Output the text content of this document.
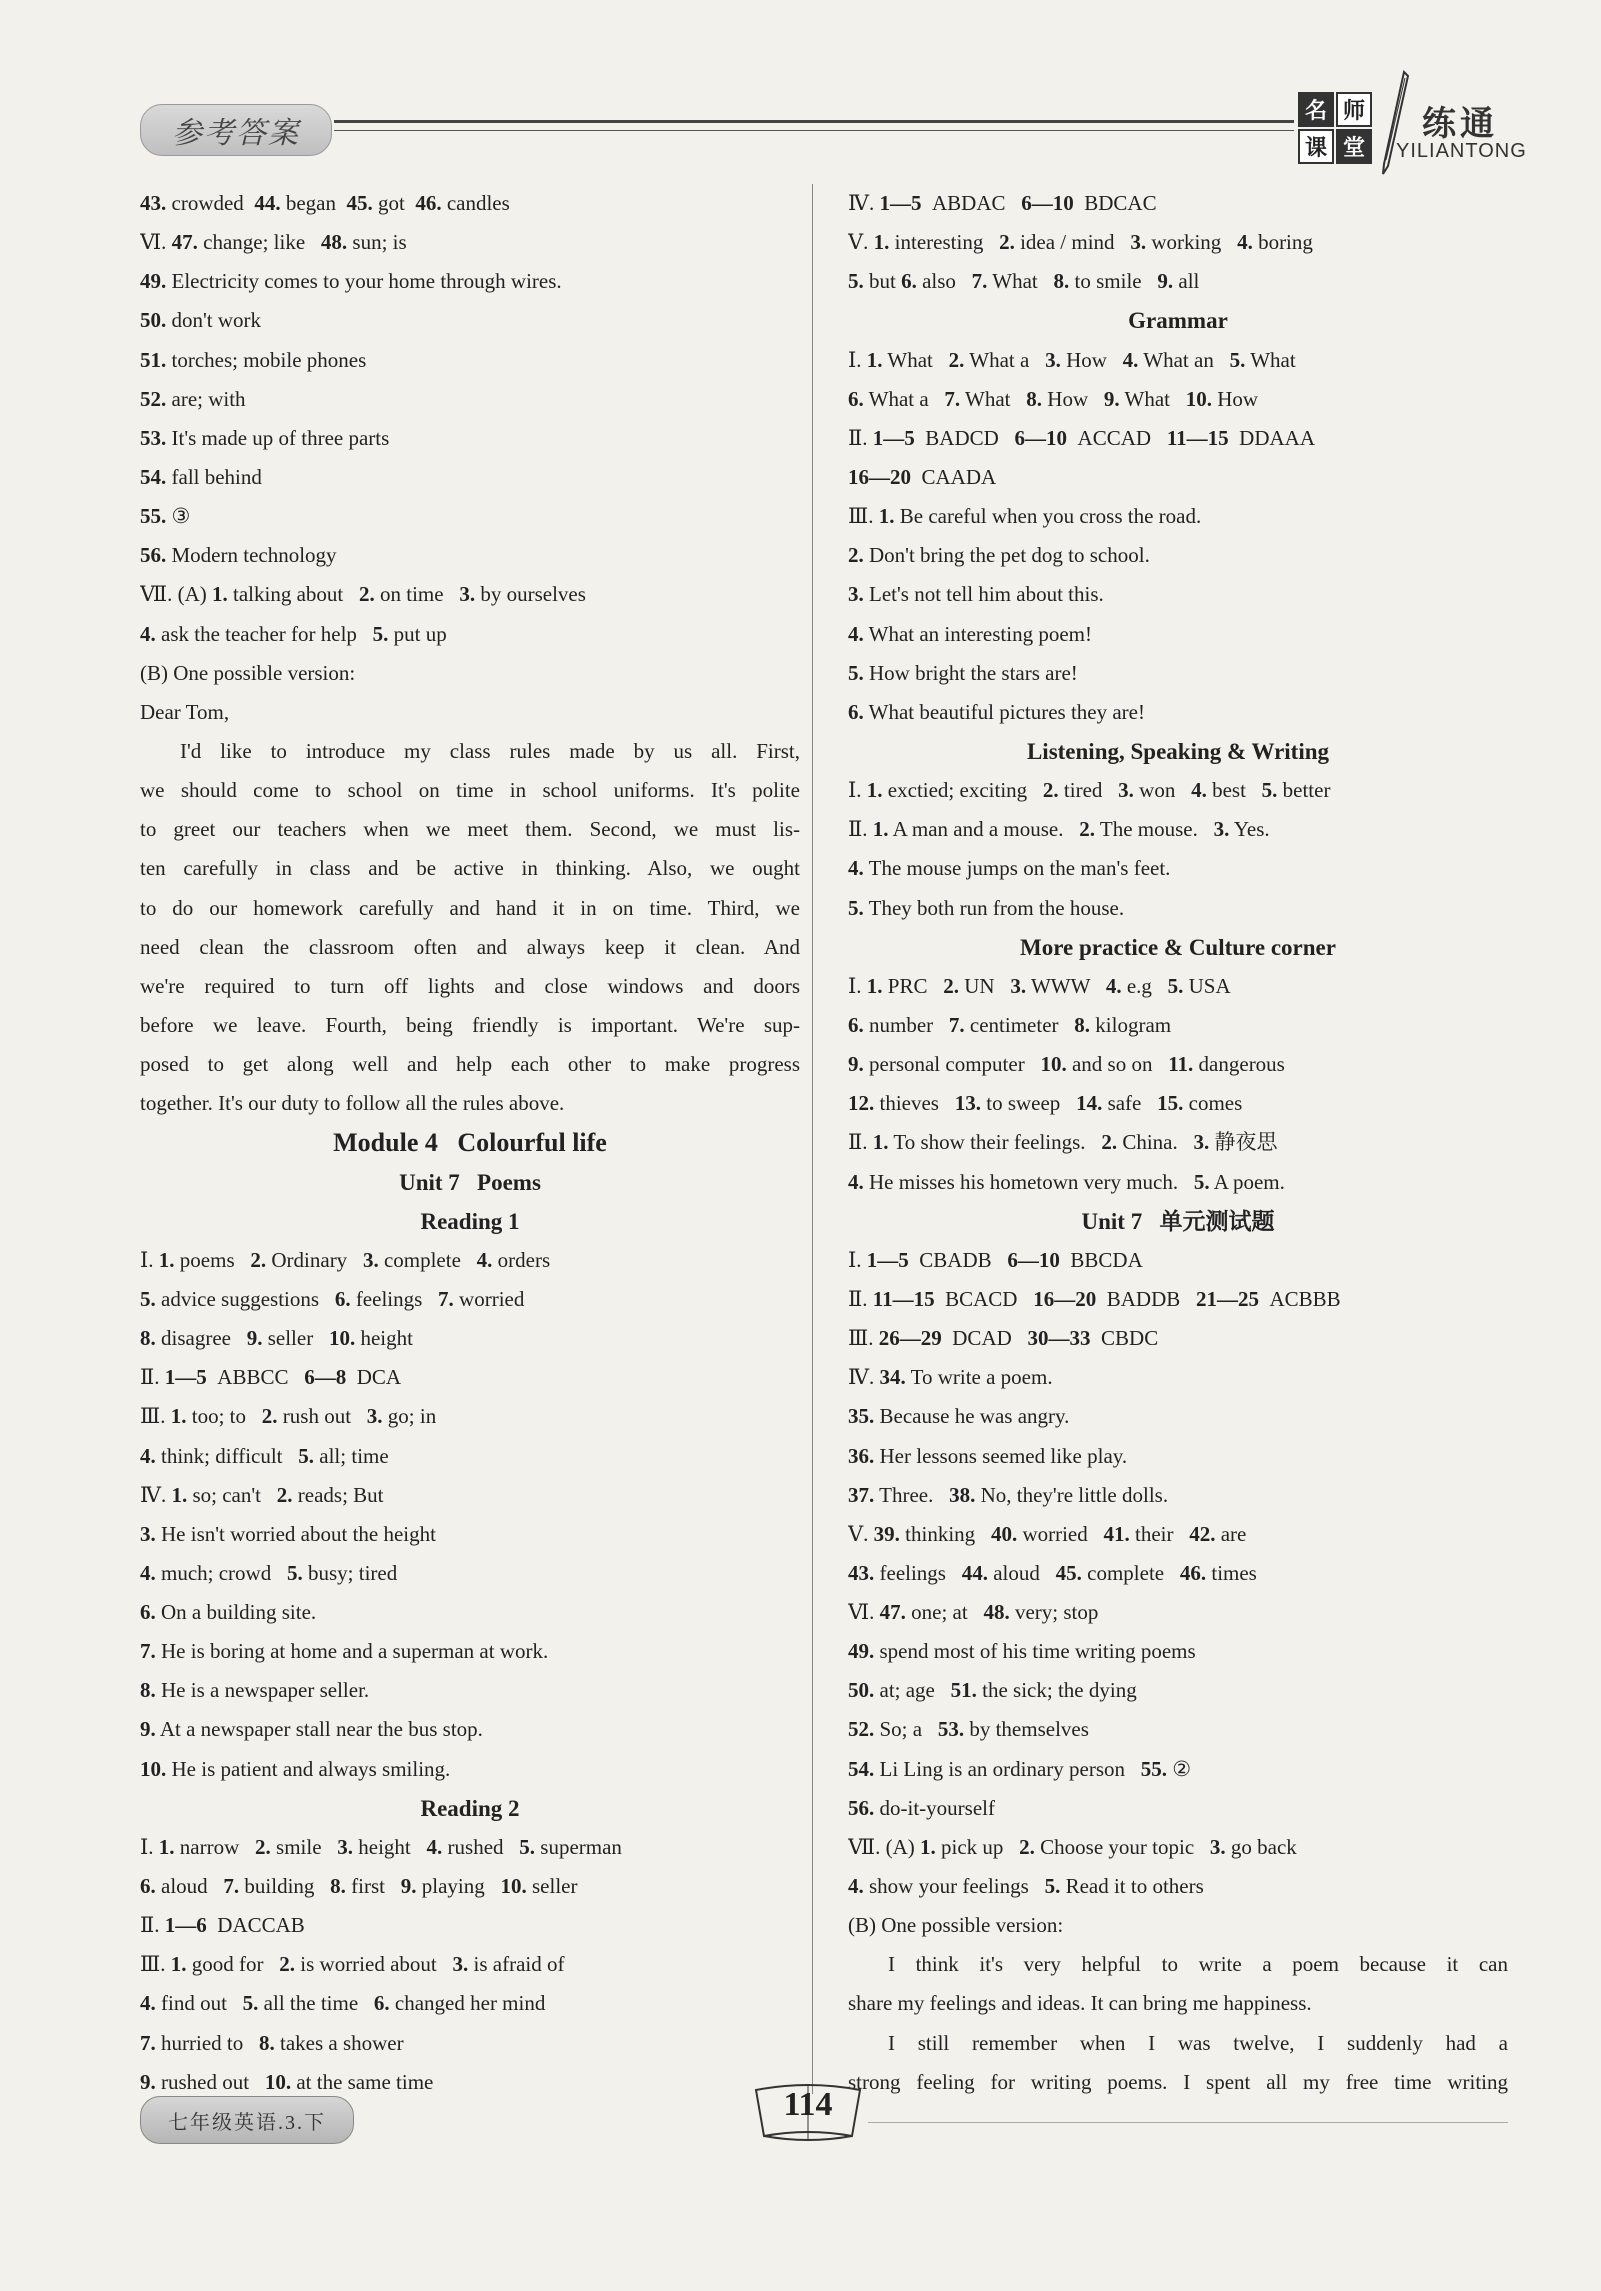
参考答案
名 师
课 堂
练通
YILIANTONG
43. crowded  44. began  45. got  46. candles
Ⅵ. 47. change; like   48. sun; is
49. Electricity comes to your home through wires.
50. don't work
51. torches; mobile phones
52. are; with
53. It's made up of three parts
54. fall behind
55. ③
56. Modern technology
Ⅶ. (A) 1. talking about   2. on time   3. by ourselves
4. ask the teacher for help   5. put up
(B) One possible version:
Dear Tom,
I'd like to introduce my class rules made by us all. First,
we should come to school on time in school uniforms. It's polite
to greet our teachers when we meet them. Second, we must lis-
ten carefully in class and be active in thinking. Also, we ought
to do our homework carefully and hand it in on time. Third, we
need clean the classroom often and always keep it clean. And
we're required to turn off lights and close windows and doors
before we leave. Fourth, being friendly is important. We're sup-
posed to get along well and help each other to make progress
together. It's our duty to follow all the rules above.
Module 4   Colourful life
Unit 7   Poems
Reading 1
Ⅰ. 1. poems   2. Ordinary   3. complete   4. orders
5. advice suggestions   6. feelings   7. worried
8. disagree   9. seller   10. height
Ⅱ. 1—5  ABBCC   6—8  DCA
Ⅲ. 1. too; to   2. rush out   3. go; in
4. think; difficult   5. all; time
Ⅳ. 1. so; can't   2. reads; But
3. He isn't worried about the height
4. much; crowd   5. busy; tired
6. On a building site.
7. He is boring at home and a superman at work.
8. He is a newspaper seller.
9. At a newspaper stall near the bus stop.
10. He is patient and always smiling.
Reading 2
Ⅰ. 1. narrow   2. smile   3. height   4. rushed   5. superman
6. aloud   7. building   8. first   9. playing   10. seller
Ⅱ. 1—6  DACCAB
Ⅲ. 1. good for   2. is worried about   3. is afraid of
4. find out   5. all the time   6. changed her mind
7. hurried to   8. takes a shower
9. rushed out   10. at the same time
Ⅳ. 1—5  ABDAC   6—10  BDCAC
Ⅴ. 1. interesting   2. idea / mind   3. working   4. boring
5. but 6. also   7. What   8. to smile   9. all
Grammar
Ⅰ. 1. What   2. What a   3. How   4. What an   5. What
6. What a   7. What   8. How   9. What   10. How
Ⅱ. 1—5  BADCD   6—10  ACCAD   11—15  DDAAA
16—20  CAADA
Ⅲ. 1. Be careful when you cross the road.
2. Don't bring the pet dog to school.
3. Let's not tell him about this.
4. What an interesting poem!
5. How bright the stars are!
6. What beautiful pictures they are!
Listening, Speaking & Writing
Ⅰ. 1. exctied; exciting   2. tired   3. won   4. best   5. better
Ⅱ. 1. A man and a mouse.   2. The mouse.   3. Yes.
4. The mouse jumps on the man's feet.
5. They both run from the house.
More practice & Culture corner
Ⅰ. 1. PRC   2. UN   3. WWW   4. e.g   5. USA
6. number   7. centimeter   8. kilogram
9. personal computer   10. and so on   11. dangerous
12. thieves   13. to sweep   14. safe   15. comes
Ⅱ. 1. To show their feelings.   2. China.   3. 静夜思
4. He misses his hometown very much.   5. A poem.
Unit 7   单元测试题
Ⅰ. 1—5  CBADB   6—10  BBCDA
Ⅱ. 11—15  BCACD   16—20  BADDB   21—25  ACBBB
Ⅲ. 26—29  DCAD   30—33  CBDC
Ⅳ. 34. To write a poem.
35. Because he was angry.
36. Her lessons seemed like play.
37. Three.   38. No, they're little dolls.
Ⅴ. 39. thinking   40. worried   41. their   42. are
43. feelings   44. aloud   45. complete   46. times
Ⅵ. 47. one; at   48. very; stop
49. spend most of his time writing poems
50. at; age   51. the sick; the dying
52. So; a   53. by themselves
54. Li Ling is an ordinary person   55. ②
56. do-it-yourself
Ⅶ. (A) 1. pick up   2. Choose your topic   3. go back
4. show your feelings   5. Read it to others
(B) One possible version:
I think it's very helpful to write a poem because it can
share my feelings and ideas. It can bring me happiness.
I still remember when I was twelve, I suddenly had a
strong feeling for writing poems. I spent all my free time writing
七年级英语.3.下	114
